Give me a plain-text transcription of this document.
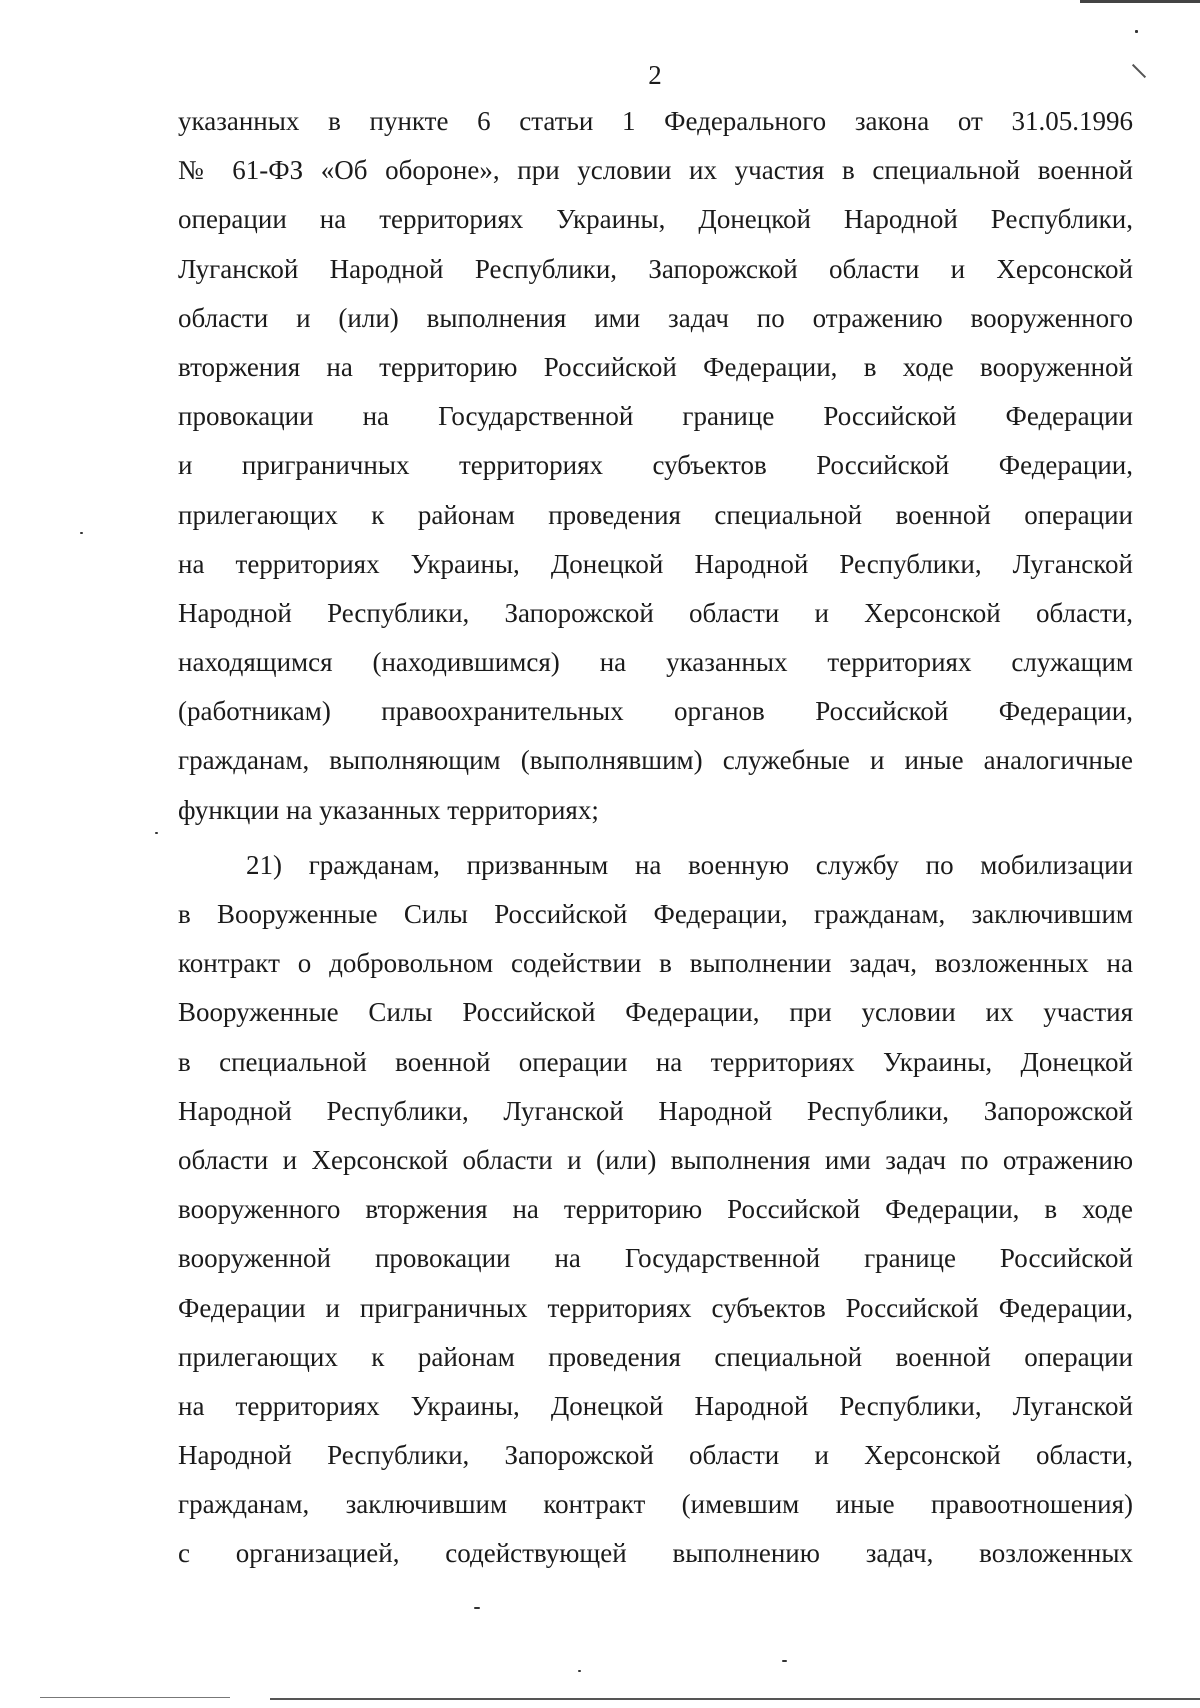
2
указанных в пункте 6 статьи 1 Федерального закона от 31.05.1996
№ 61-ФЗ «Об обороне», при условии их участия в специальной военной
операции на территориях Украины, Донецкой Народной Республики,
Луганской Народной Республики, Запорожской области и Херсонской
области и (или) выполнения ими задач по отражению вооруженного
вторжения на территорию Российской Федерации, в ходе вооруженной
провокации на Государственной границе Российской Федерации
и приграничных территориях субъектов Российской Федерации,
прилегающих к районам проведения специальной военной операции
на территориях Украины, Донецкой Народной Республики, Луганской
Народной Республики, Запорожской области и Херсонской области,
находящимся (находившимся) на указанных территориях служащим
(работникам) правоохранительных органов Российской Федерации,
гражданам, выполняющим (выполнявшим) служебные и иные аналогичные
функции на указанных территориях;
21) гражданам, призванным на военную службу по мобилизации
в Вооруженные Силы Российской Федерации, гражданам, заключившим
контракт о добровольном содействии в выполнении задач, возложенных на
Вооруженные Силы Российской Федерации, при условии их участия
в специальной военной операции на территориях Украины, Донецкой
Народной Республики, Луганской Народной Республики, Запорожской
области и Херсонской области и (или) выполнения ими задач по отражению
вооруженного вторжения на территорию Российской Федерации, в ходе
вооруженной провокации на Государственной границе Российской
Федерации и приграничных территориях субъектов Российской Федерации,
прилегающих к районам проведения специальной военной операции
на территориях Украины, Донецкой Народной Республики, Луганской
Народной Республики, Запорожской области и Херсонской области,
гражданам, заключившим контракт (имевшим иные правоотношения)
с организацией, содействующей выполнению задач, возложенных
